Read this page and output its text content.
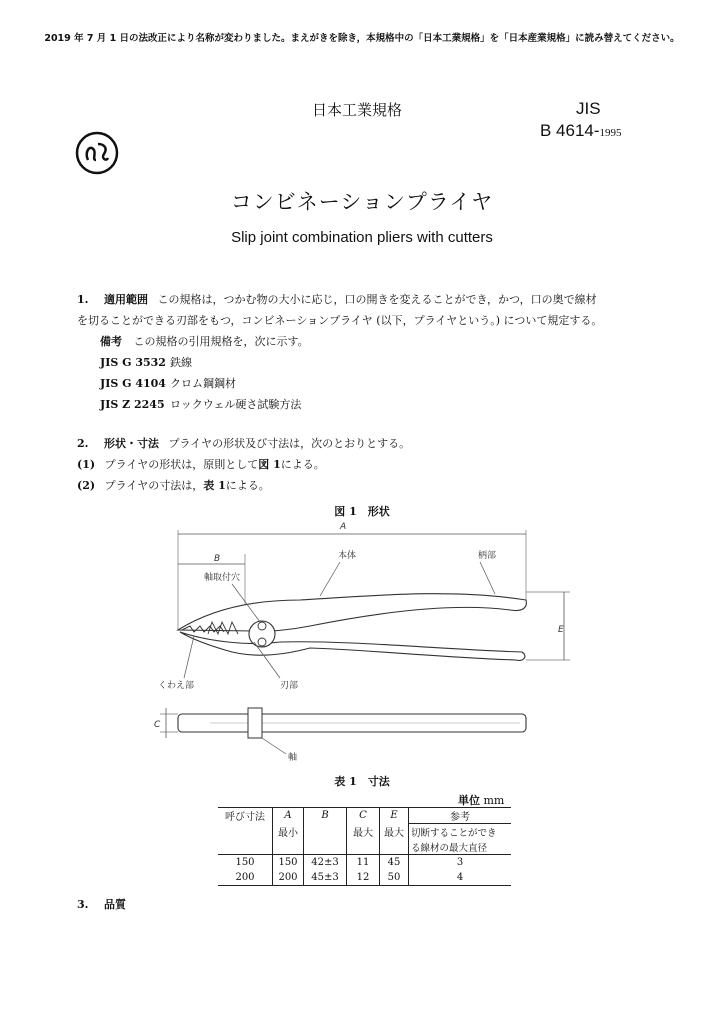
2019 年 7 月 1 日の法改正により名称が変わりました。まえがきを除き，本規格中の「日本工業規格」を「日本産業規格」に読み替えてください。
日本工業規格	JIS
B 4614-1995
コンビネーションプライヤ
Slip joint combination pliers with cutters
1. 適用範囲 この規格は，つかむ物の大小に応じ，口の開きを変えることができ，かつ，口の奥で線材
を切ることができる刃部をもつ，コンビネーションプライヤ (以下，プライヤという。) について規定する。
備考 この規格の引用規格を，次に示す。
JIS G 3532 鉄線
JIS G 4104 クロム鋼鋼材
JIS Z 2245 ロックウェル硬さ試験方法
2. 形状・寸法 プライヤの形状及び寸法は，次のとおりとする。
(1) プライヤの形状は，原則として図 1による。
(2) プライヤの寸法は，表 1による。
図 1　形状
A
B
E
本体	柄部
軸取付穴
くわえ部	刃部
C
軸
表 1　寸法
単位 mm
呼び寸法	A	B	C	E	参考
	最小		最大	最大	切断することができ
					る線材の最大直径
150	150	42±3	11	45	3
200	200	45±3	12	50	4
3. 品質
